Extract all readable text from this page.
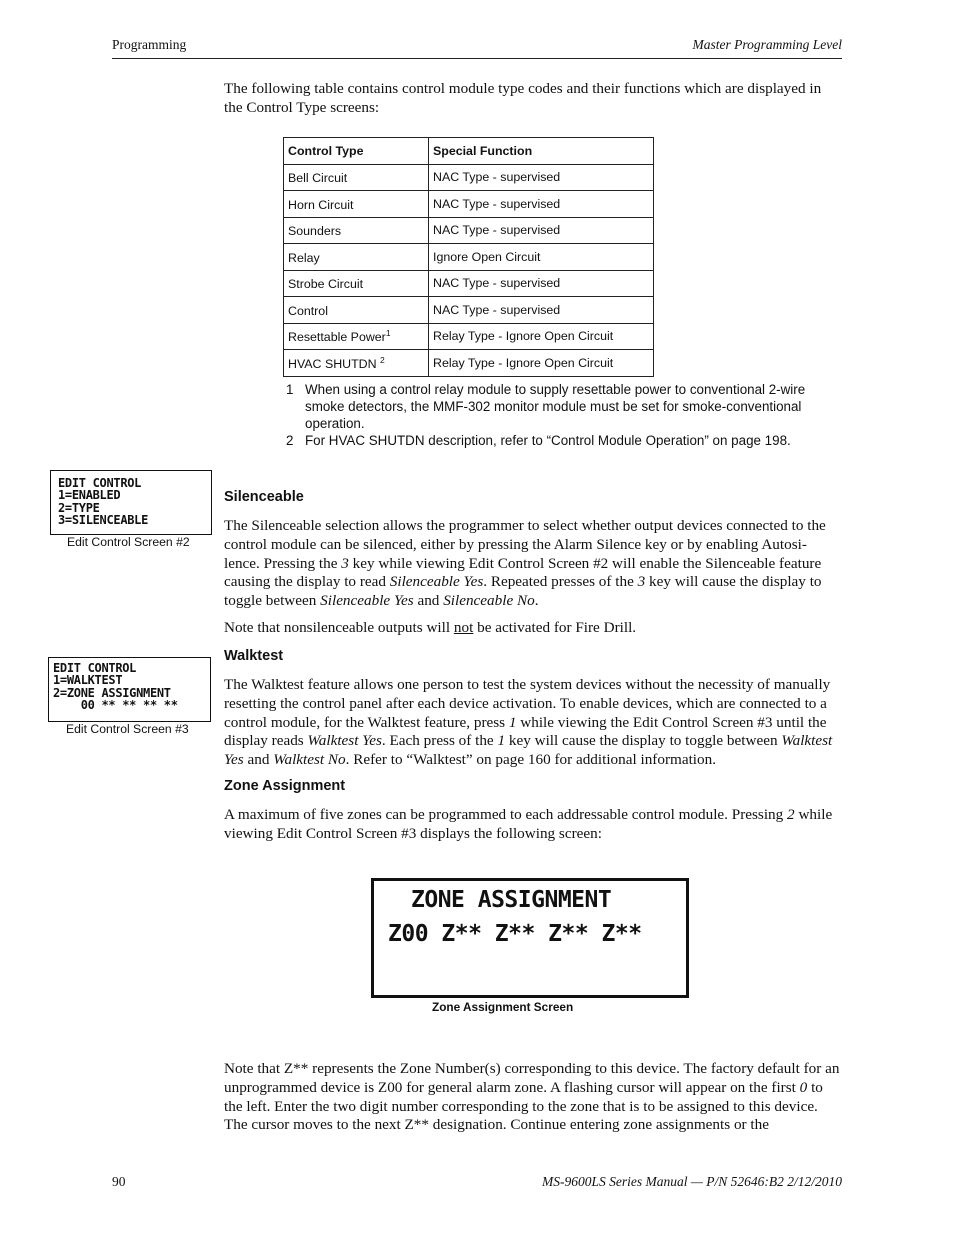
Programming	Master Programming Level

The following table contains control module type codes and their functions which are displayed in the Control Type screens:

Control Type	Special Function
Bell Circuit	NAC Type - supervised
Horn Circuit	NAC Type - supervised
Sounders	NAC Type - supervised
Relay	Ignore Open Circuit
Strobe Circuit	NAC Type - supervised
Control	NAC Type - supervised
Resettable Power$^1$	Relay Type - Ignore Open Circuit
HVAC SHUTDN $^2$	Relay Type - Ignore Open Circuit
1 When using a control relay module to supply resettable power to conventional 2-wire smoke detectors, the MMF-302 monitor module must be set for smoke-conventional operation.
2 For HVAC SHUTDN description, refer to “Control Module Operation” on page 198.
EDIT CONTROL
1=ENABLED
2=TYPE
3=SILENCEABLE
Edit Control Screen #2
Silenceable

The Silenceable selection allows the programmer to select whether output devices connected to the control module can be silenced, either by pressing the Alarm Silence key or by enabling Autosi-lence. Pressing the 3 key while viewing Edit Control Screen #2 will enable the Silenceable feature causing the display to read Silenceable Yes. Repeated presses of the 3 key will cause the display to toggle between Silenceable Yes and Silenceable No.

Note that nonsilenceable outputs will not be activated for Fire Drill.

EDIT CONTROL
1=WALKTEST
2=ZONE ASSIGNMENT
00 ** ** ** **
Edit Control Screen #3
Walktest

The Walktest feature allows one person to test the system devices without the necessity of manually resetting the control panel after each device activation. To enable devices, which are connected to a control module, for the Walktest feature, press 1 while viewing the Edit Control Screen #3 until the display reads Walktest Yes. Each press of the 1 key will cause the display to toggle between Walktest Yes and Walktest No. Refer to “Walktest” on page 160 for additional information.

Zone Assignment

A maximum of five zones can be programmed to each addressable control module. Pressing 2 while viewing Edit Control Screen #3 displays the following screen:

ZONE ASSIGNMENT
Z00 Z** Z** Z** Z**
Zone Assignment Screen

Note that Z** represents the Zone Number(s) corresponding to this device. The factory default for an unprogrammed device is Z00 for general alarm zone. A flashing cursor will appear on the first 0 to the left. Enter the two digit number corresponding to the zone that is to be assigned to this device. The cursor moves to the next Z** designation. Continue entering zone assignments or the

90	MS-9600LS Series Manual — P/N 52646:B2 2/12/2010
